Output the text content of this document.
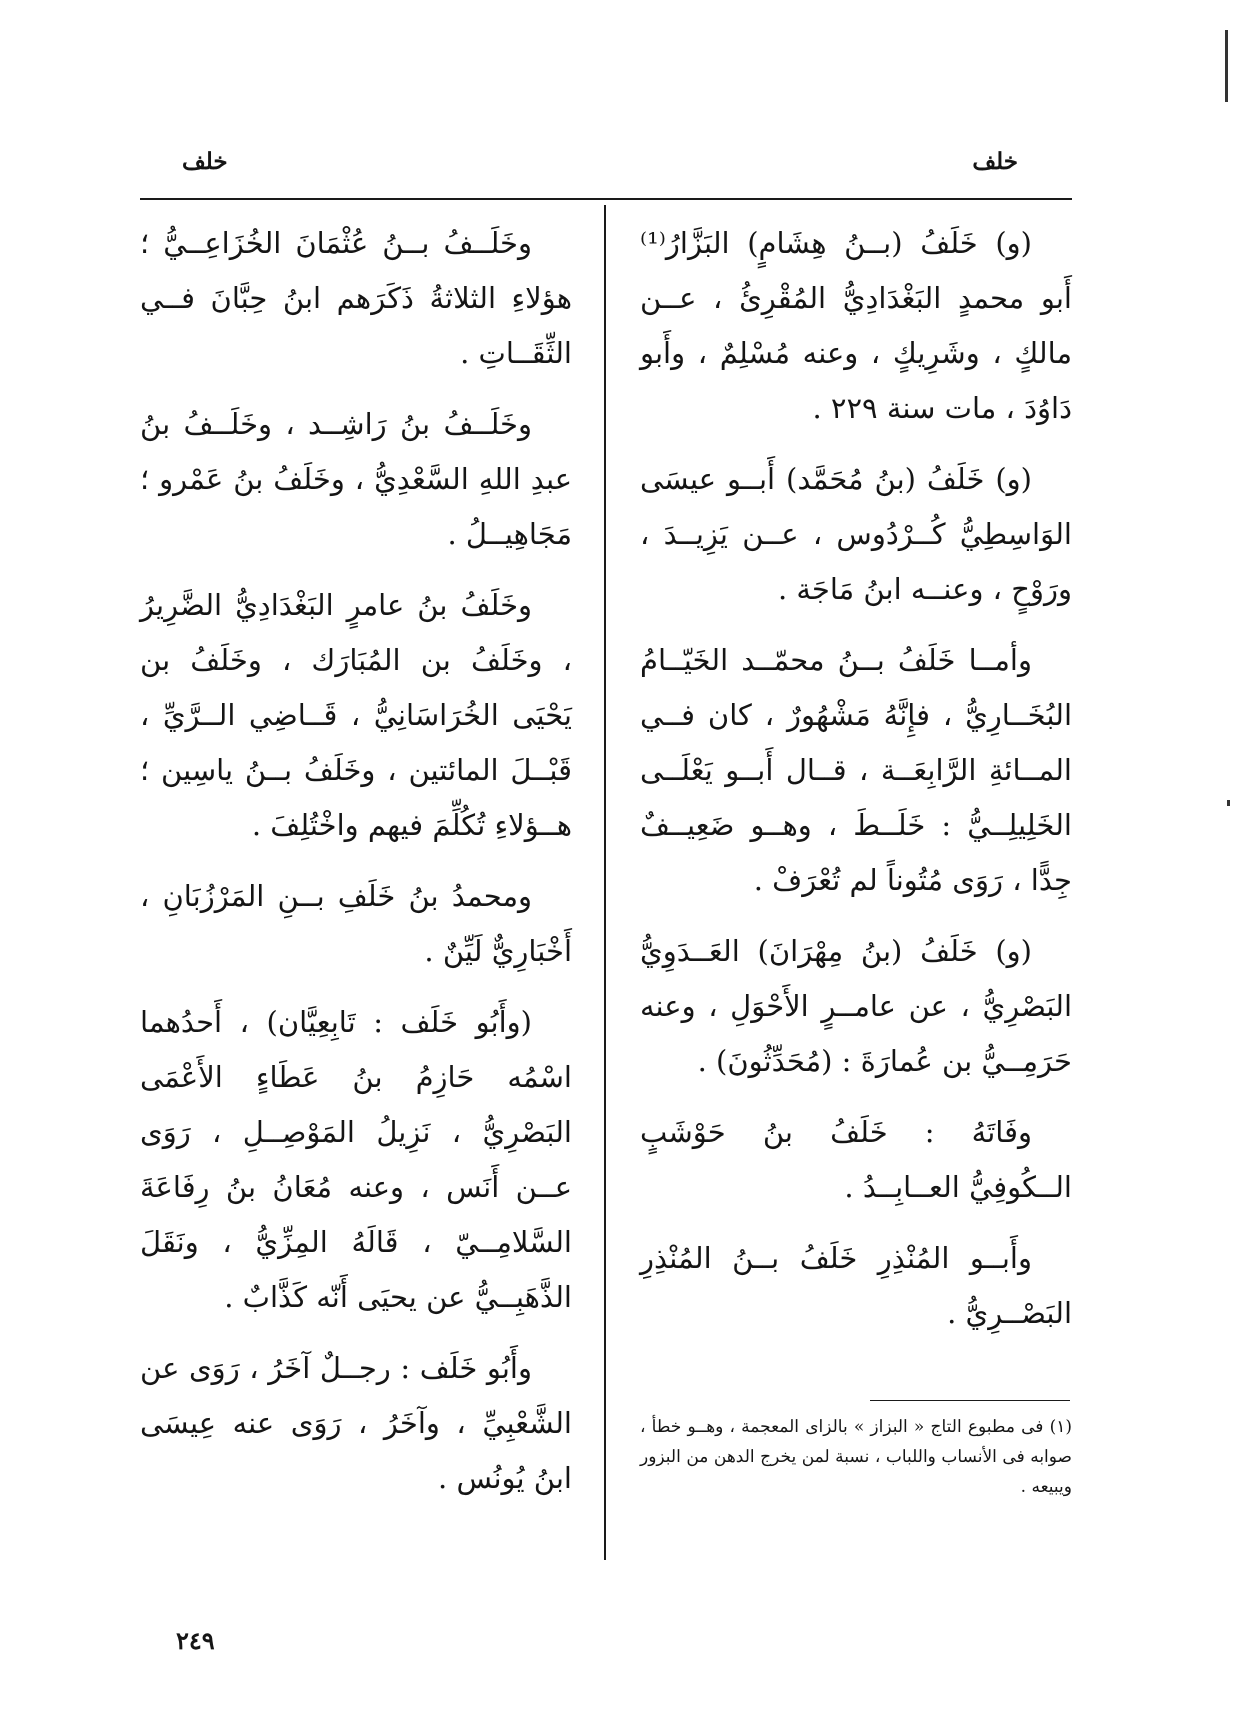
خلف
خلف

(و) خَلَفُ (بــنُ هِشَامٍ) البَزَّارُ⁽¹⁾ أَبو محمدٍ البَغْدَادِيُّ المُقْرِئُ ، عــن مالكٍ ، وشَرِيكٍ ، وعنه مُسْلِمٌ ، وأَبو دَاوُدَ ، مات سنة ٢٢٩ .

(و) خَلَفُ (بنُ مُحَمَّد) أَبــو عيسَى الوَاسِطِيُّ كُــرْدُوس ، عــن يَزِيــدَ ، ورَوْحٍ ، وعنــه ابنُ مَاجَة .

وأمــا خَلَفُ بــنُ محمّــد الخَيّــامُ البُخَــارِيُّ ، فإِنَّهُ مَشْهُورٌ ، كان فــي المــائةِ الرَّابِعَــة ، قــال أَبــو يَعْلَــى الخَلِيلِــيُّ : خَلَــطَ ، وهــو ضَعِيــفٌ جِدًّا ، رَوَى مُتُوناً لم تُعْرَفْ .

(و) خَلَفُ (بنُ مِهْرَانَ) العَــدَوِيُّ البَصْرِيُّ ، عن عامــرٍ الأَحْوَلِ ، وعنه حَرَمِــيُّ بن عُمارَةَ : (مُحَدِّثُونَ) .

وفَاتَهُ : خَلَفُ بنُ حَوْشَبٍ الــكُوفِيُّ العــابِــدُ .

وأَبــو المُنْذِرِ خَلَفُ بــنُ المُنْذِرِ البَصْــرِيُّ .

وخَلَــفُ بــنُ عُثْمَانَ الخُزَاعِــيُّ ؛ هؤلاءِ الثلاثةُ ذَكَرَهم ابنُ حِبَّانَ فــي الثِّقَــاتِ .

وخَلَــفُ بنُ رَاشِــد ، وخَلَــفُ بنُ عبدِ اللهِ السَّعْدِيُّ ، وخَلَفُ بنُ عَمْرو ؛ مَجَاهِيــلُ .

وخَلَفُ بنُ عامرٍ البَغْدَادِيُّ الضَّرِيرُ ، وخَلَفُ بن المُبَارَك ، وخَلَفُ بن يَحْيَى الخُرَاسَانِيُّ ، قَــاضِي الــرَّيِّ ، قَبْــلَ المائتين ، وخَلَفُ بــنُ ياسِين ؛ هــؤلاءِ تُكُلِّمَ فيهم واخْتُلِفَ .

ومحمدُ بنُ خَلَفِ بــنِ المَرْزُبَانِ ، أَخْبَارِيٌّ لَيِّنٌ .

(وأَبُو خَلَف : تَابِعِيَّان) ، أَحدُهما اسْمُه حَازِمُ بنُ عَطَاءٍ الأَعْمَى البَصْرِيُّ ، نَزِيلُ المَوْصِــلِ ، رَوَى عــن أَنَس ، وعنه مُعَانُ بنُ رِفَاعَةَ السَّلامِــيّ ، قَالَهُ المِزِّيُّ ، ونَقَلَ الذَّهَبِــيُّ عن يحيَى أَنّه كَذَّابٌ .

وأَبُو خَلَف : رجــلٌ آخَرُ ، رَوَى عن الشَّعْبِيِّ ، وآخَرُ ، رَوَى عنه عِيسَى ابنُ يُونُس .

(١) فى مطبوع التاج « البزاز » بالزاى المعجمة ، وهــو خطأ ، صوابه فى الأنساب واللباب ، نسبة لمن يخرج الدهن من البزور ويبيعه .
٢٤٩
